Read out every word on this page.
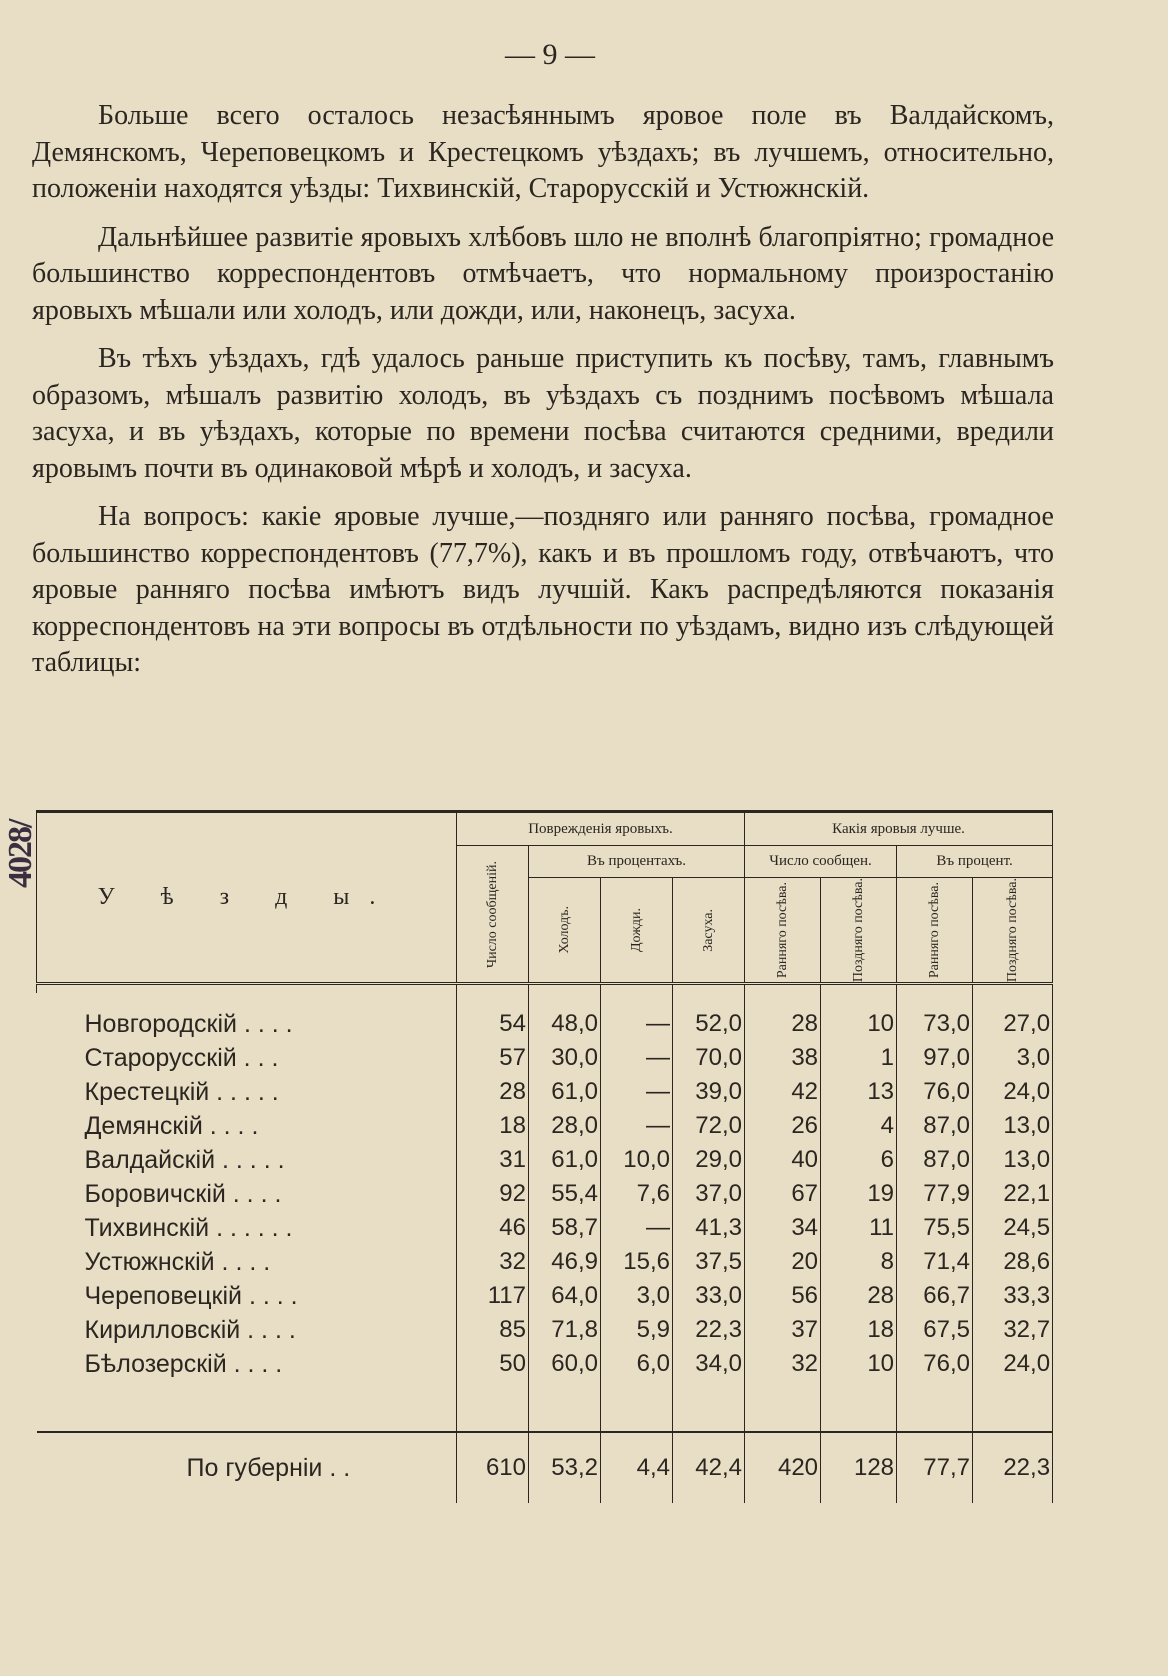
— 9 —

Больше всего осталось незасѣяннымъ яровое поле въ Валдайскомъ, Демянскомъ, Череповецкомъ и Крестецкомъ уѣздахъ; въ лучшемъ, относительно, положеніи находятся уѣзды: Тихвинскій, Старорусскій и Устюжнскій.

Дальнѣйшее развитіе яровыхъ хлѣбовъ шло не вполнѣ благопріятно; громадное большинство корреспондентовъ отмѣчаетъ, что нормальному произростанію яровыхъ мѣшали или холодъ, или дожди, или, наконецъ, засуха.

Въ тѣхъ уѣздахъ, гдѣ удалось раньше приступить къ посѣву, тамъ, главнымъ образомъ, мѣшалъ развитію холодъ, въ уѣздахъ съ позднимъ посѣвомъ мѣшала засуха, и въ уѣздахъ, которые по времени посѣва считаются средними, вредили яровымъ почти въ одинаковой мѣрѣ и холодъ, и засуха.

На вопросъ: какіе яровые лучше,—поздняго или ранняго посѣва, громадное большинство корреспондентовъ (77,7%), какъ и въ прошломъ году, отвѣчаютъ, что яровые ранняго посѣва имѣютъ видъ лучшій. Какъ распредѣляются показанія корреспондентовъ на эти вопросы въ отдѣльности по уѣздамъ, видно изъ слѣдующей таблицы:

4028/
У ѣ з д ы.	Поврежденія яровыхъ.				Какія яровыя лучше.			

	Число сообщеній.	Въ процентахъ.			Число сообщен.		Въ процент.	

		Холодъ.	Дожди.	Засуха.	Ранняго посѣва.	Поздняго посѣва.	Ранняго посѣва.	Поздняго посѣва.

Новгородскій . . . .	54	48,0	—	52,0	28	10	73,0	27,0
Старорусскій . . .	57	30,0	—	70,0	38	1	97,0	3,0
Крестецкій . . . . .	28	61,0	—	39,0	42	13	76,0	24,0
Демянскій . . . .	18	28,0	—	72,0	26	4	87,0	13,0
Валдайскій . . . . .	31	61,0	10,0	29,0	40	6	87,0	13,0
Боровичскій . . . .	92	55,4	7,6	37,0	67	19	77,9	22,1
Тихвинскій . . . . . .	46	58,7	—	41,3	34	11	75,5	24,5
Устюжнскій . . . .	32	46,9	15,6	37,5	20	8	71,4	28,6
Череповецкій . . . .	117	64,0	3,0	33,0	56	28	66,7	33,3
Кирилловскій . . . .	85	71,8	5,9	22,3	37	18	67,5	32,7
Бѣлозерскій . . . .	50	60,0	6,0	34,0	32	10	76,0	24,0

По губерніи . .	610	53,2	4,4	42,4	420	128	77,7	22,3
